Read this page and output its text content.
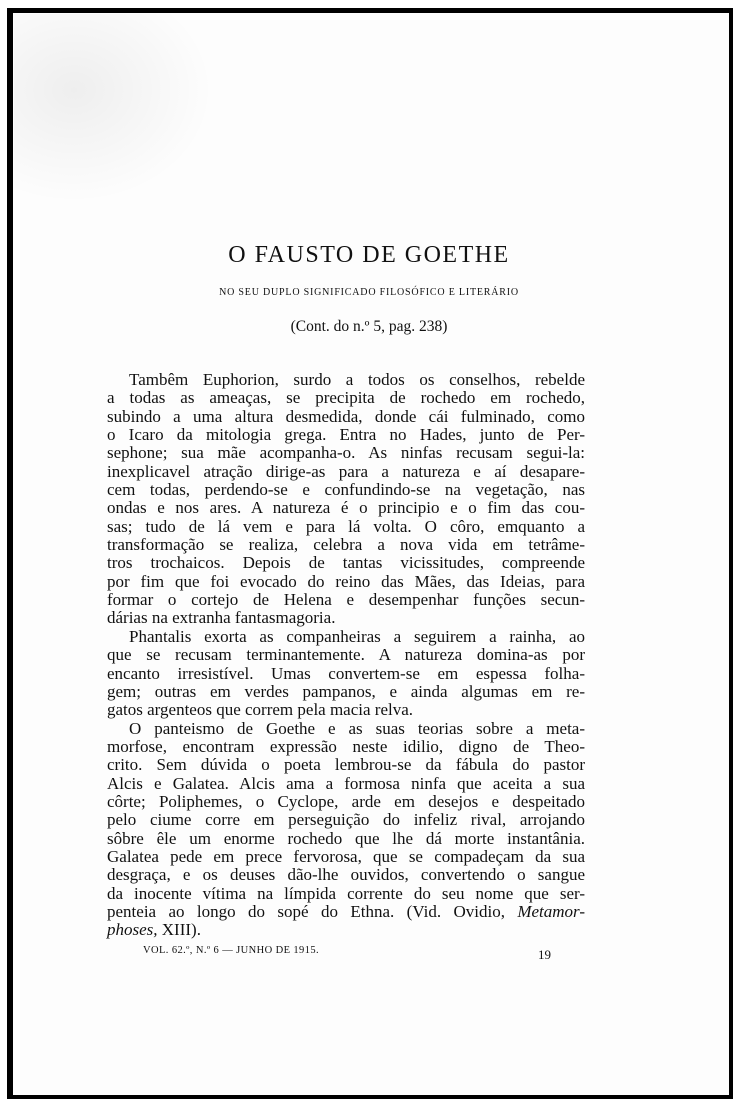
O FAUSTO DE GOETHE

NO SEU DUPLO SIGNIFICADO FILOSÓFICO E LITERÁRIO

(Cont. do n.º 5, pag. 238)

Tambêm Euphorion, surdo a todos os conselhos, rebelde
a todas as ameaças, se precipita de rochedo em rochedo,
subindo a uma altura desmedida, donde cái fulminado, como
o Icaro da mitologia grega. Entra no Hades, junto de Per-
sephone; sua mãe acompanha-o. As ninfas recusam segui-la:
inexplicavel atração dirige-as para a natureza e aí desapare-
cem todas, perdendo-se e confundindo-se na vegetação, nas
ondas e nos ares. A natureza é o principio e o fim das cou-
sas; tudo de lá vem e para lá volta. O côro, emquanto a
transformação se realiza, celebra a nova vida em tetrâme-
tros trochaicos. Depois de tantas vicissitudes, compreende
por fim que foi evocado do reino das Mães, das Ideias, para
formar o cortejo de Helena e desempenhar funções secun-
dárias na extranha fantasmagoria.
Phantalis exorta as companheiras a seguirem a rainha, ao
que se recusam terminantemente. A natureza domina-as por
encanto irresistível. Umas convertem-se em espessa folha-
gem; outras em verdes pampanos, e ainda algumas em re-
gatos argenteos que correm pela macia relva.
O panteismo de Goethe e as suas teorias sobre a meta-
morfose, encontram expressão neste idilio, digno de Theo-
crito. Sem dúvida o poeta lembrou-se da fábula do pastor
Alcis e Galatea. Alcis ama a formosa ninfa que aceita a sua
côrte; Poliphemes, o Cyclope, arde em desejos e despeitado
pelo ciume corre em perseguição do infeliz rival, arrojando
sôbre êle um enorme rochedo que lhe dá morte instantânia.
Galatea pede em prece fervorosa, que se compadeçam da sua
desgraça, e os deuses dão-lhe ouvidos, convertendo o sangue
da inocente vítima na límpida corrente do seu nome que ser-
penteia ao longo do sopé do Ethna. (Vid. Ovidio, Metamor-
phoses, XIII).

VOL. 62.º, N.º 6 — JUNHO DE 1915.	19
